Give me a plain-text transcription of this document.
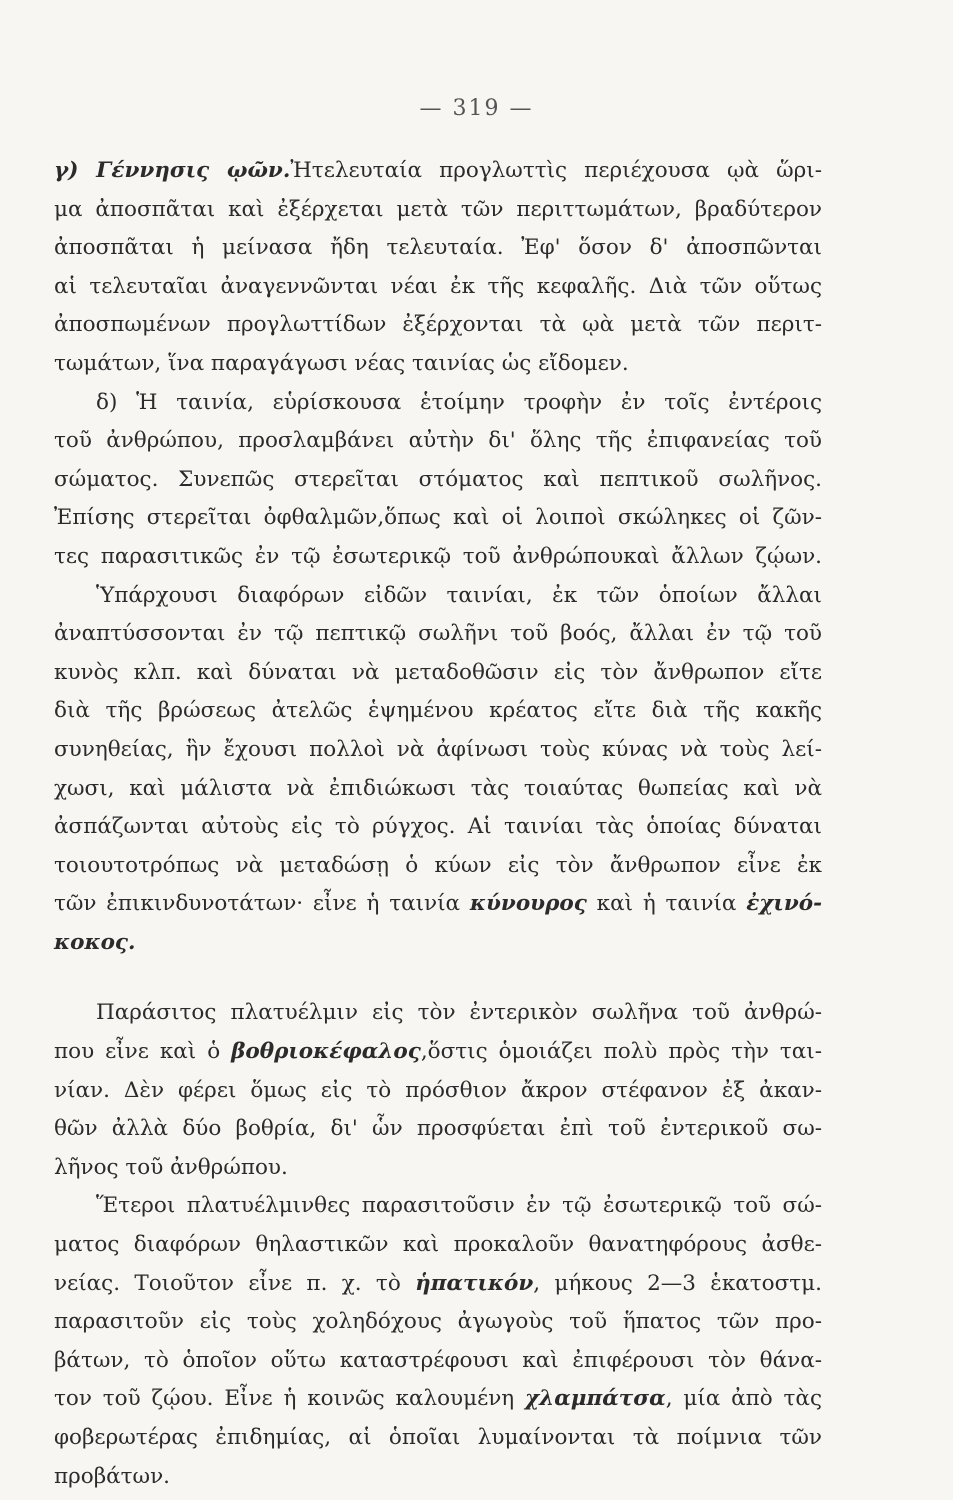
— 319 —
γ) Γέννησις ῳῶν.Ἠτελευταία προγλωττὶς περιέχουσα ῳὰ ὥρι-
μα ἀποσπᾶται καὶ ἐξέρχεται μετὰ τῶν περιττωμάτων, βραδύτερον
ἀποσπᾶται ἡ μείνασα ἤδη τελευταία. Ἐφ' ὅσον δ' ἀποσπῶνται
αἱ τελευταῖαι ἀναγεννῶνται νέαι ἐκ τῆς κεφαλῆς. Διὰ τῶν οὕτως
ἀποσπωμένων προγλωττίδων ἐξέρχονται τὰ ῳὰ μετὰ τῶν περιτ-
τωμάτων, ἵνα παραγάγωσι νέας ταινίας ὡς εἴδομεν.
δ) Ἡ ταινία, εὑρίσκουσα ἑτοίμην τροφὴν ἐν τοῖς ἐντέροις
τοῦ ἀνθρώπου, προσλαμβάνει αὐτὴν δι' ὅλης τῆς ἐπιφανείας τοῦ
σώματος. Συνεπῶς στερεῖται στόματος καὶ πεπτικοῦ σωλῆνος.
Ἐπίσης στερεῖται ὀφθαλμῶν,ὅπως καὶ οἱ λοιποὶ σκώληκες οἱ ζῶν-
τες παρασιτικῶς ἐν τῷ ἐσωτερικῷ τοῦ ἀνθρώπουκαὶ ἄλλων ζῴων.
Ὑπάρχουσι διαφόρων εἰδῶν ταινίαι, ἐκ τῶν ὁποίων ἄλλαι
ἀναπτύσσονται ἐν τῷ πεπτικῷ σωλῆνι τοῦ βοός, ἄλλαι ἐν τῷ τοῦ
κυνὸς κλπ. καὶ δύναται νὰ μεταδοθῶσιν εἰς τὸν ἄνθρωπον εἴτε
διὰ τῆς βρώσεως ἀτελῶς ἑψημένου κρέατος εἴτε διὰ τῆς κακῆς
συνηθείας, ἣν ἔχουσι πολλοὶ νὰ ἀφίνωσι τοὺς κύνας νὰ τοὺς λεί-
χωσι, καὶ μάλιστα νὰ ἐπιδιώκωσι τὰς τοιαύτας θωπείας καὶ νὰ
ἀσπάζωνται αὐτοὺς εἰς τὸ ρύγχος. Αἱ ταινίαι τὰς ὁποίας δύναται
τοιουτοτρόπως νὰ μεταδώσῃ ὁ κύων εἰς τὸν ἄνθρωπον εἶνε ἐκ
τῶν ἐπικινδυνοτάτων· εἶνε ἡ ταινία κύνουρος καὶ ἡ ταινία ἐχινό-
κοκος.
Παράσιτος πλατυέλμιν εἰς τὸν ἐντερικὸν σωλῆνα τοῦ ἀνθρώ-
που εἶνε καὶ ὁ βοθριοκέφαλος,ὅστις ὁμοιάζει πολὺ πρὸς τὴν ται-
νίαν. Δὲν φέρει ὅμως εἰς τὸ πρόσθιον ἄκρον στέφανον ἐξ ἀκαν-
θῶν ἀλλὰ δύο βοθρία, δι' ὧν προσφύεται ἐπὶ τοῦ ἐντερικοῦ σω-
λῆνος τοῦ ἀνθρώπου.
Ἕτεροι πλατυέλμινθες παρασιτοῦσιν ἐν τῷ ἐσωτερικῷ τοῦ σώ-
ματος διαφόρων θηλαστικῶν καὶ προκαλοῦν θανατηφόρους ἀσθε-
νείας. Τοιοῦτον εἶνε π. χ. τὸ ἡπατικόν, μήκους 2—3 ἑκατοστμ.
παρασιτοῦν εἰς τοὺς χοληδόχους ἀγωγοὺς τοῦ ἥπατος τῶν προ-
βάτων, τὸ ὁποῖον οὕτω καταστρέφουσι καὶ ἐπιφέρουσι τὸν θάνα-
τον τοῦ ζῴου. Εἶνε ἡ κοινῶς καλουμένη χλαμπάτσα, μία ἀπὸ τὰς
φοβερωτέρας ἐπιδημίας, αἱ ὁποῖαι λυμαίνονται τὰ ποίμνια τῶν
προβάτων.
